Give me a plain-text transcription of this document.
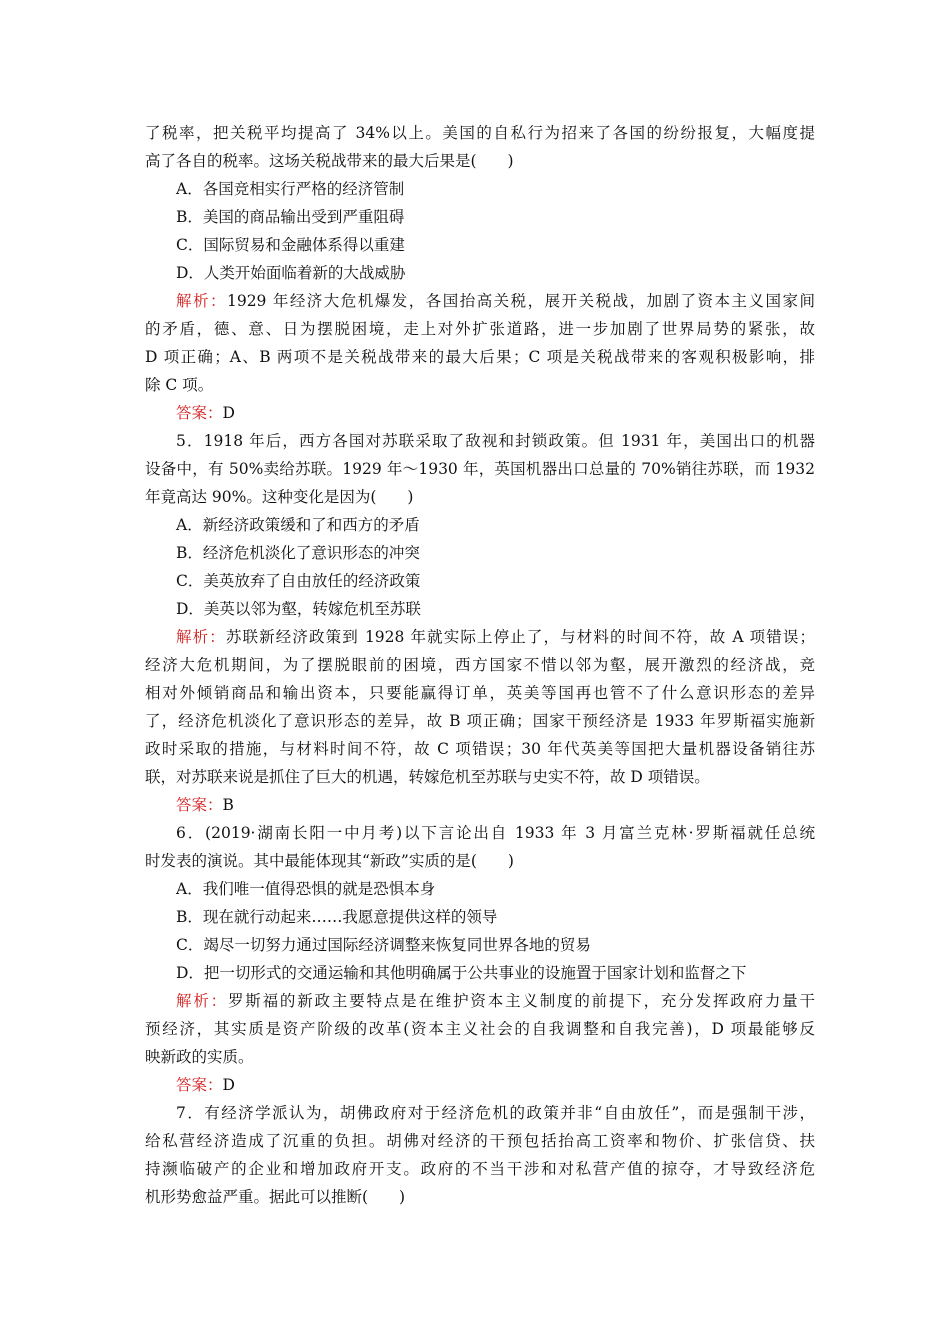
了税率，把关税平均提高了 34%以上。美国的自私行为招来了各国的纷纷报复，大幅度提
高了各自的税率。这场关税战带来的最大后果是(　　)
A．各国竞相实行严格的经济管制
B．美国的商品输出受到严重阻碍
C．国际贸易和金融体系得以重建
D．人类开始面临着新的大战威胁
解析：1929 年经济大危机爆发，各国抬高关税，展开关税战，加剧了资本主义国家间
的矛盾，德、意、日为摆脱困境，走上对外扩张道路，进一步加剧了世界局势的紧张，故
D 项正确；A、B 两项不是关税战带来的最大后果；C 项是关税战带来的客观积极影响，排
除 C 项。
答案：D
5．1918 年后，西方各国对苏联采取了敌视和封锁政策。但 1931 年，美国出口的机器
设备中，有 50%卖给苏联。1929 年～1930 年，英国机器出口总量的 70%销往苏联，而 1932
年竟高达 90%。这种变化是因为(　　)
A．新经济政策缓和了和西方的矛盾
B．经济危机淡化了意识形态的冲突
C．美英放弃了自由放任的经济政策
D．美英以邻为壑，转嫁危机至苏联
解析：苏联新经济政策到 1928 年就实际上停止了，与材料的时间不符，故 A 项错误；
经济大危机期间，为了摆脱眼前的困境，西方国家不惜以邻为壑，展开激烈的经济战，竞
相对外倾销商品和输出资本，只要能赢得订单，英美等国再也管不了什么意识形态的差异
了，经济危机淡化了意识形态的差异，故 B 项正确；国家干预经济是 1933 年罗斯福实施新
政时采取的措施，与材料时间不符，故 C 项错误；30 年代英美等国把大量机器设备销往苏
联，对苏联来说是抓住了巨大的机遇，转嫁危机至苏联与史实不符，故 D 项错误。
答案：B
6．(2019·湖南长阳一中月考)以下言论出自 1933 年 3 月富兰克林·罗斯福就任总统
时发表的演说。其中最能体现其“新政”实质的是(　　)
A．我们唯一值得恐惧的就是恐惧本身
B．现在就行动起来……我愿意提供这样的领导
C．竭尽一切努力通过国际经济调整来恢复同世界各地的贸易
D．把一切形式的交通运输和其他明确属于公共事业的设施置于国家计划和监督之下
解析：罗斯福的新政主要特点是在维护资本主义制度的前提下，充分发挥政府力量干
预经济，其实质是资产阶级的改革(资本主义社会的自我调整和自我完善)，D 项最能够反
映新政的实质。
答案：D
7．有经济学派认为，胡佛政府对于经济危机的政策并非“自由放任”，而是强制干涉，
给私营经济造成了沉重的负担。胡佛对经济的干预包括抬高工资率和物价、扩张信贷、扶
持濒临破产的企业和增加政府开支。政府的不当干涉和对私营产值的掠夺，才导致经济危
机形势愈益严重。据此可以推断(　　)
